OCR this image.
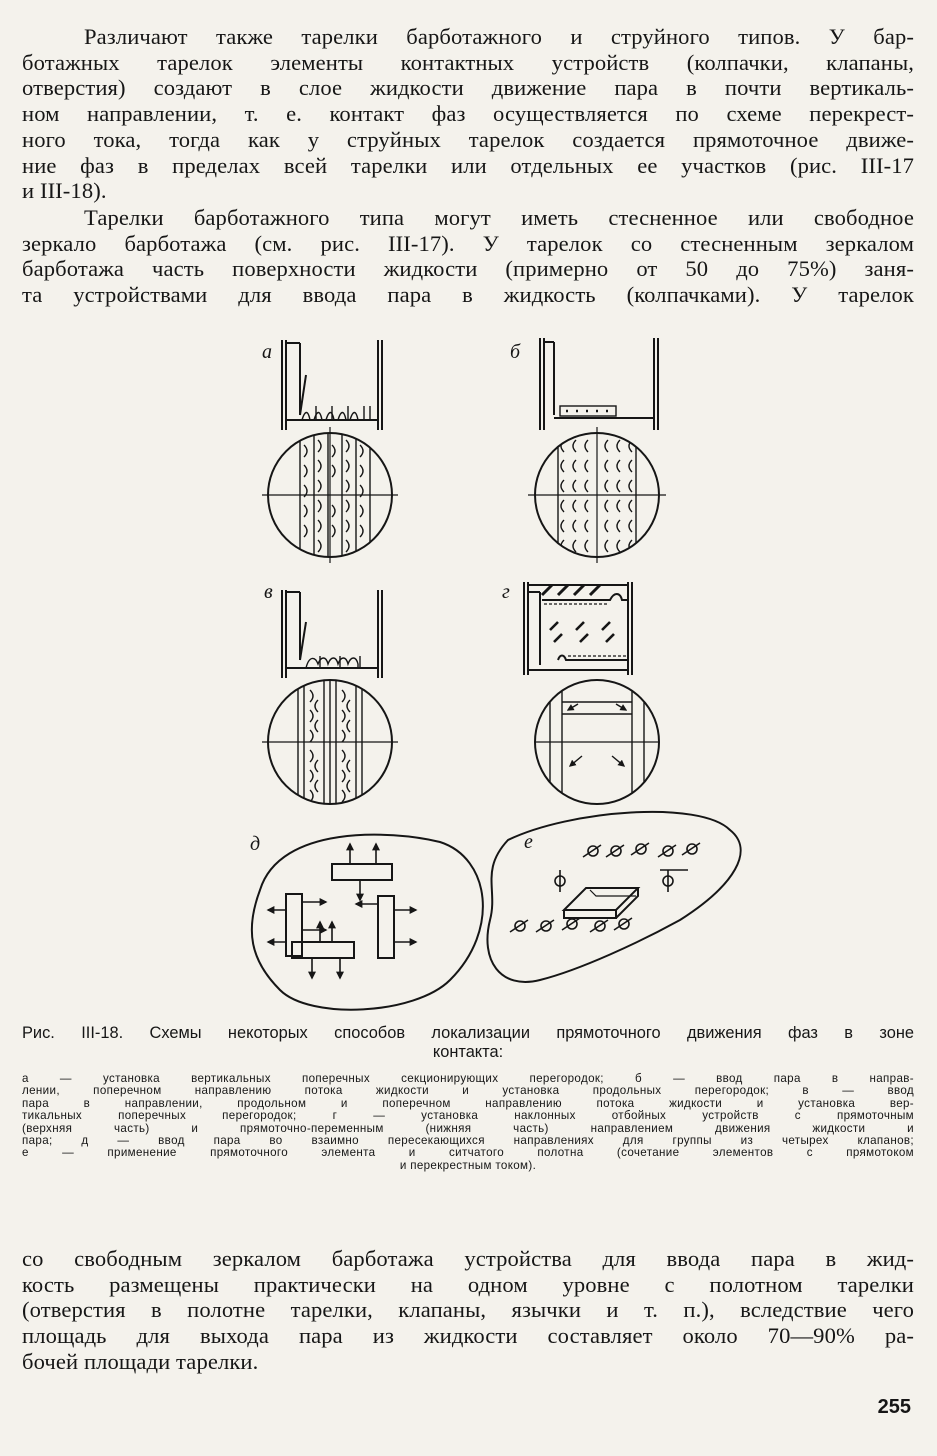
Различают также тарелки барботажного и струйного типов. У бар-
ботажных тарелок элементы контактных устройств (колпачки, клапаны,
отверстия) создают в слое жидкости движение пара в почти вертикаль-
ном направлении, т. е. контакт фаз осуществляется по схеме перекрест-
ного тока, тогда как у струйных тарелок создается прямоточное движе-
ние фаз в пределах всей тарелки или отдельных ее участков (рис. III-17
и III-18).
Тарелки барботажного типа могут иметь стесненное или свободное
зеркало барботажа (см. рис. III-17). У тарелок со стесненным зеркалом
барботажа часть поверхности жидкости (примерно от 50 до 75%) заня-
та устройствами для ввода пара в жидкость (колпачками). У тарелок
а	б
в	г
д	е
Рис. III-18. Схемы некоторых способов локализации прямоточного движения фаз в зоне
контакта:
а — установка вертикальных поперечных секционирующих перегородок; б — ввод пара в направ-
лении, поперечном направлению потока жидкости и установка продольных перегородок; в — ввод
пара в направлении, продольном и поперечном направлению потока жидкости и установка вер-
тикальных поперечных перегородок; г — установка наклонных отбойных устройств с прямоточным
(верхняя часть) и прямоточно-переменным (нижняя часть) направлением движения жидкости и
пара; д — ввод пара во взаимно пересекающихся направлениях для группы из четырех клапанов;
е — применение прямоточного элемента и ситчатого полотна (сочетание элементов с прямотоком
и перекрестным током).
со свободным зеркалом барботажа устройства для ввода пара в жид-
кость размещены практически на одном уровне с полотном тарелки
(отверстия в полотне тарелки, клапаны, язычки и т. п.), вследствие чего
площадь для выхода пара из жидкости составляет около 70—90% ра-
бочей площади тарелки.
255
